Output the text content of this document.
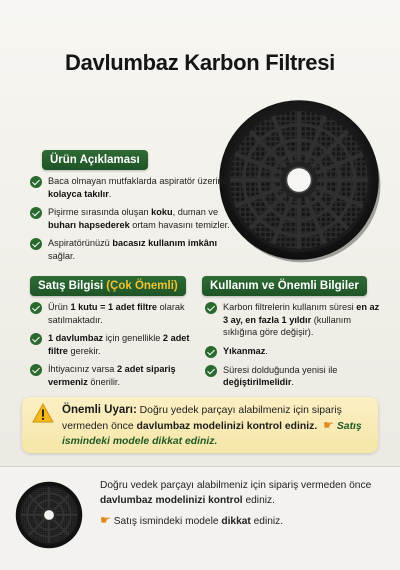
Davlumbaz Karbon Filtresi
Ürün Açıklaması
Baca olmayan mutfaklarda aspiratör üzerine kolayca takılır.
Pişirme sırasında oluşan koku, duman ve buharı hapsederek ortam havasını temizler.
Aspiratörünüzü bacasız kullanım imkânı sağlar.
Satış Bilgisi (Çok Önemli)
Ürün 1 kutu = 1 adet filtre olarak satılmaktadır.
1 davlumbaz için genellikle 2 adet filtre gerekir.
İhtiyacınız varsa 2 adet sipariş vermeniz önerilir.
Kullanım ve Önemli Bilgiler
Karbon filtrelerin kullanım süresi en az 3 ay, en fazla 1 yıldır (kullanım sıklığına göre değişir).
Yıkanmaz.
Süresi dolduğunda yenisi ile değiştirilmelidir.
Önemli Uyarı: Doğru yedek parçayı alabilmeniz için sipariş vermeden önce davlumbaz modelinizi kontrol ediniz. ☛ Satış ismindeki modele dikkat ediniz.
Doğru vedek parçayı alabilmeniz için sipariş vermeden önce davlumbaz modelinizi kontrol ediniz.
☛ Satış ismindeki modele dikkat ediniz.
